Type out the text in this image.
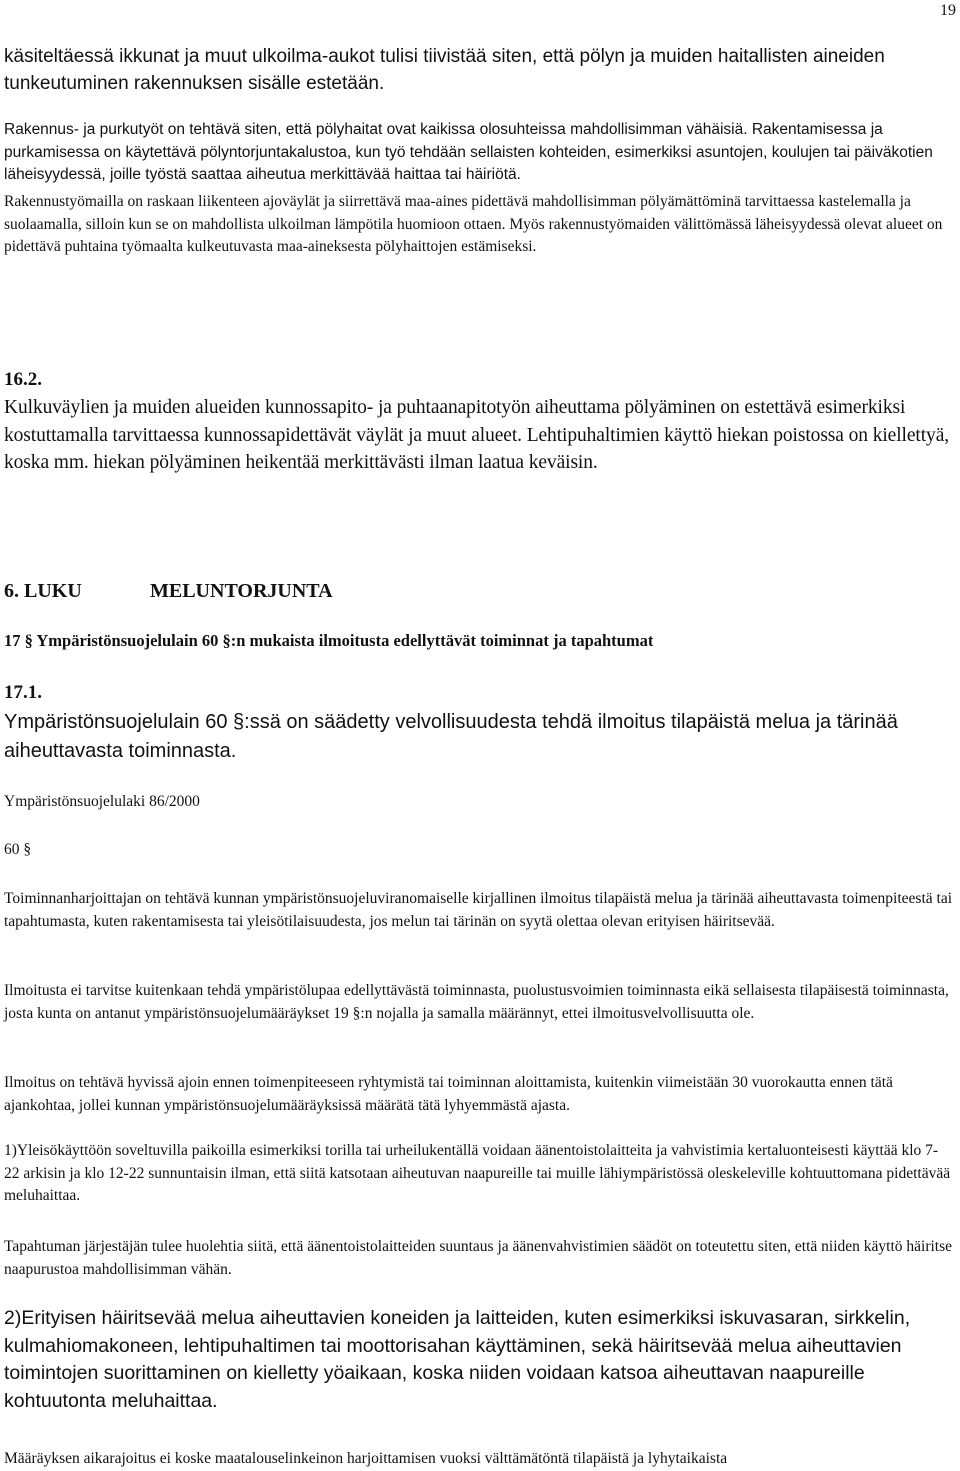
19

käsiteltäessä ikkunat ja muut ulkoilma-aukot tulisi tiivistää siten, että pölyn ja muiden haitallisten aineiden tunkeutuminen rakennuksen sisälle estetään.

Rakennus- ja purkutyöt on tehtävä siten, että pölyhaitat ovat kaikissa olosuhteissa mahdollisimman vähäisiä. Rakentamisessa ja purkamisessa on käytettävä pölyntorjuntakalustoa, kun työ tehdään sellaisten kohteiden, esimerkiksi asuntojen, koulujen tai päiväkotien läheisyydessä, joille työstä saattaa aiheutua merkittävää haittaa tai häiriötä.

Rakennustyömailla on raskaan liikenteen ajoväylät ja siirrettävä maa-aines pidettävä mahdollisimman pölyämättöminä tarvittaessa kastelemalla ja suolaamalla, silloin kun se on mahdollista ulkoilman lämpötila huomioon ottaen. Myös rakennustyömaiden välittömässä läheisyydessä olevat alueet on pidettävä puhtaina työmaalta kulkeutuvasta maa-aineksesta pölyhaittojen estämiseksi.

16.2.

Kulkuväylien ja muiden alueiden kunnossapito- ja puhtaanapitotyön aiheuttama pölyäminen on estettävä esimerkiksi kostuttamalla tarvittaessa kunnossapidettävät väylät ja muut alueet. Lehtipuhaltimien käyttö hiekan poistossa on kiellettyä, koska mm. hiekan pölyäminen heikentää merkittävästi ilman laatua keväisin.

6. LUKU	MELUNTORJUNTA
17 § Ympäristönsuojelulain 60 §:n mukaista ilmoitusta edellyttävät toiminnat ja tapahtumat
17.1.

Ympäristönsuojelulain 60 §:ssä on säädetty velvollisuudesta tehdä ilmoitus tilapäistä melua ja tärinää aiheuttavasta toiminnasta.

Ympäristönsuojelulaki 86/2000
60 §

Toiminnanharjoittajan on tehtävä kunnan ympäristönsuojeluviranomaiselle kirjallinen ilmoitus tilapäistä melua ja tärinää aiheuttavasta toimenpiteestä tai tapahtumasta, kuten rakentamisesta tai yleisötilaisuudesta, jos melun tai tärinän on syytä olettaa olevan erityisen häiritsevää.

Ilmoitusta ei tarvitse kuitenkaan tehdä ympäristölupaa edellyttävästä toiminnasta, puolustusvoimien toiminnasta eikä sellaisesta tilapäisestä toiminnasta, josta kunta on antanut ympäristönsuojelumääräykset 19 §:n nojalla ja samalla määrännyt, ettei ilmoitusvelvollisuutta ole.

Ilmoitus on tehtävä hyvissä ajoin ennen toimenpiteeseen ryhtymistä tai toiminnan aloittamista, kuitenkin viimeistään 30 vuorokautta ennen tätä ajankohtaa, jollei kunnan ympäristönsuojelumääräyksissä määrätä tätä lyhyemmästä ajasta.

1)Yleisökäyttöön soveltuvilla paikoilla esimerkiksi torilla tai urheilukentällä voidaan äänentoistolaitteita ja vahvistimia kertaluonteisesti käyttää klo 7-22 arkisin ja klo 12-22 sunnuntaisin ilman, että siitä katsotaan aiheutuvan naapureille tai muille lähiympäristössä oleskeleville kohtuuttomana pidettävää meluhaittaa.

Tapahtuman järjestäjän tulee huolehtia siitä, että äänentoistolaitteiden suuntaus ja äänenvahvistimien säädöt on toteutettu siten, että niiden käyttö häiritse naapurustoa mahdollisimman vähän.

2)Erityisen häiritsevää melua aiheuttavien koneiden ja laitteiden, kuten esimerkiksi iskuvasaran, sirkkelin, kulmahiomakoneen, lehtipuhaltimen tai moottorisahan käyttäminen, sekä häiritsevää melua aiheuttavien toimintojen suorittaminen on kielletty yöaikaan, koska niiden voidaan katsoa aiheuttavan naapureille kohtuutonta meluhaittaa.

Määräyksen aikarajoitus ei koske maatalouselinkeinon harjoittamisen vuoksi välttämätöntä tilapäistä ja lyhytaikaista
